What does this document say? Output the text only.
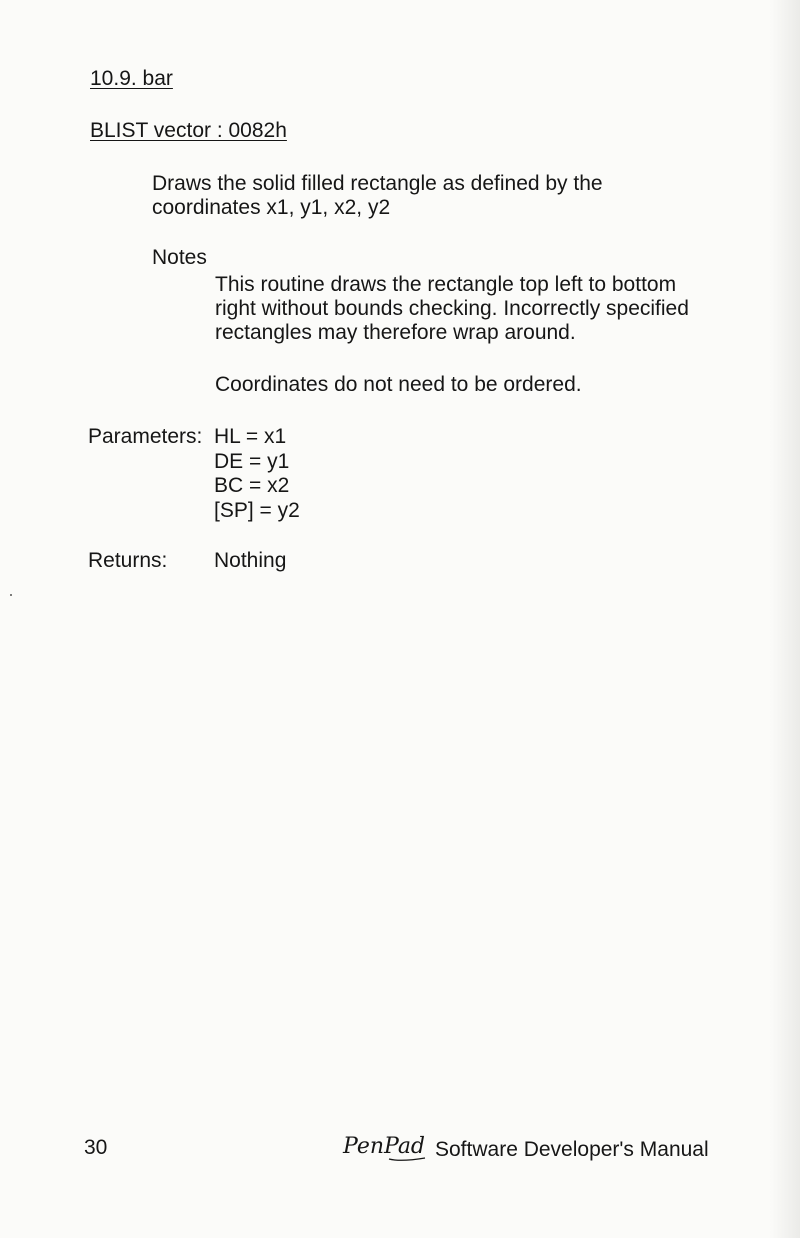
10.9. bar

BLIST vector : 0082h

Draws the solid filled rectangle as defined by the
coordinates x1, y1, x2, y2

Notes

This routine draws the rectangle top left to bottom
right without bounds checking. Incorrectly specified
rectangles may therefore wrap around.

Coordinates do not need to be ordered.

Parameters: HL = x1
DE = y1
BC = x2
[SP] = y2

Returns: Nothing

30	PenPad Software Developer's Manual
